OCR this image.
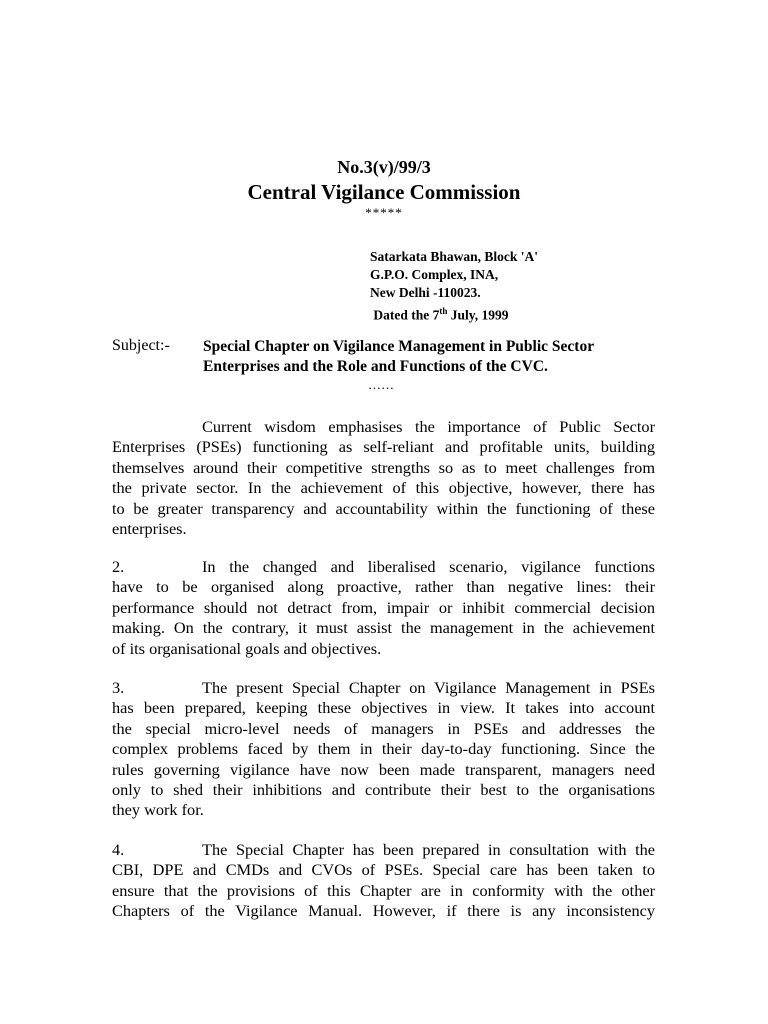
No.3(v)/99/3
Central Vigilance Commission
*****
Satarkata Bhawan, Block 'A'
G.P.O. Complex, INA,
New Delhi -110023.
Dated the 7th July, 1999
Subject:- Special Chapter on Vigilance Management in Public Sector Enterprises and the Role and Functions of the CVC.
……
Current wisdom emphasises the importance of Public Sector
Enterprises (PSEs) functioning as self-reliant and profitable units, building
themselves around their competitive strengths so as to meet challenges from
the private sector. In the achievement of this objective, however, there has
to be greater transparency and accountability within the functioning of these
enterprises.
2.	In the changed and liberalised scenario, vigilance functions
have to be organised along proactive, rather than negative lines: their
performance should not detract from, impair or inhibit commercial decision
making. On the contrary, it must assist the management in the achievement
of its organisational goals and objectives.
3.	The present Special Chapter on Vigilance Management in PSEs
has been prepared, keeping these objectives in view. It takes into account
the special micro-level needs of managers in PSEs and addresses the
complex problems faced by them in their day-to-day functioning. Since the
rules governing vigilance have now been made transparent, managers need
only to shed their inhibitions and contribute their best to the organisations
they work for.
4.	The Special Chapter has been prepared in consultation with the
CBI, DPE and CMDs and CVOs of PSEs. Special care has been taken to
ensure that the provisions of this Chapter are in conformity with the other
Chapters of the Vigilance Manual. However, if there is any inconsistency
